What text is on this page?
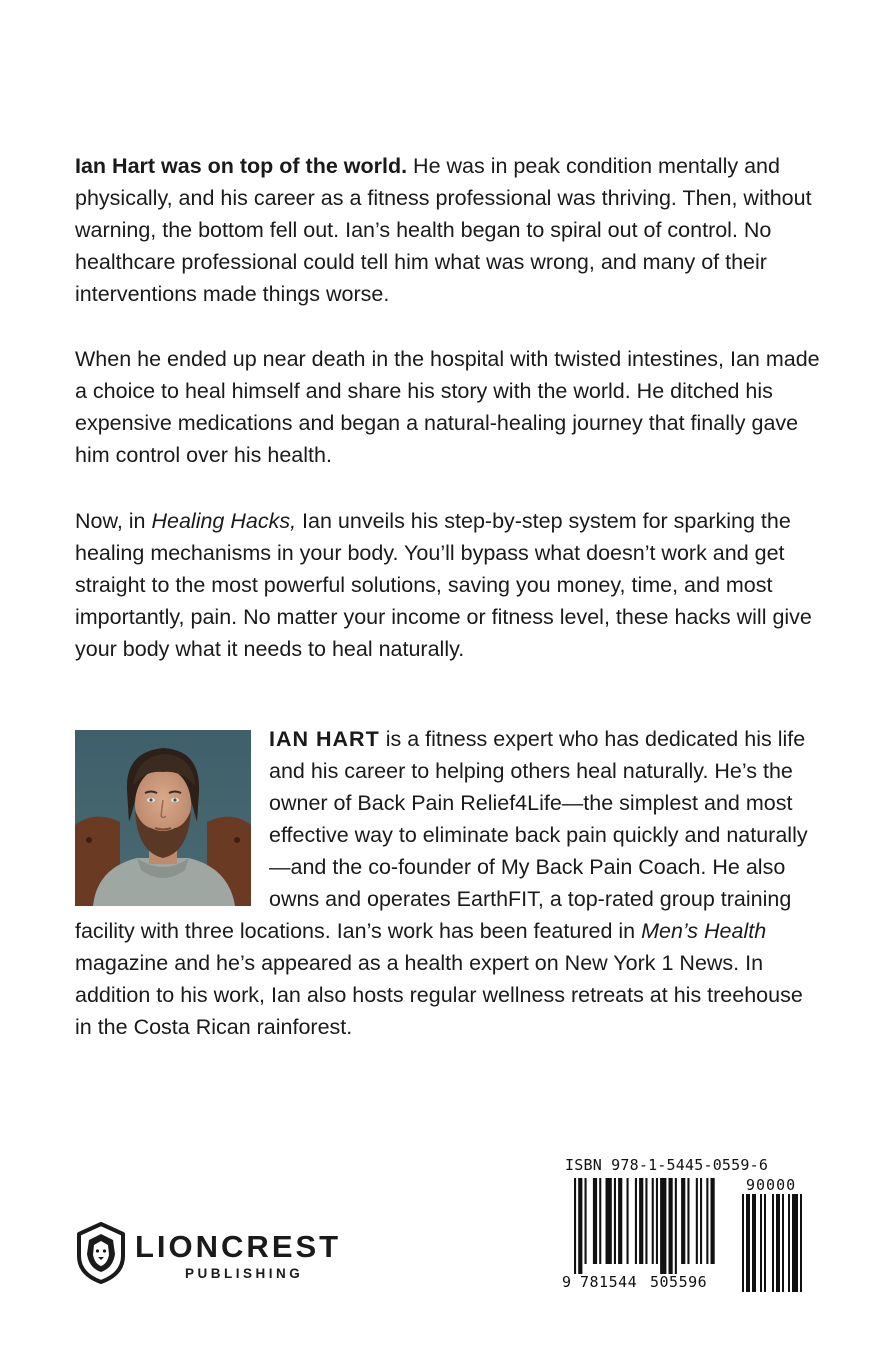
Ian Hart was on top of the world. He was in peak condition mentally and physically, and his career as a fitness professional was thriving. Then, without warning, the bottom fell out. Ian’s health began to spiral out of control. No healthcare professional could tell him what was wrong, and many of their interventions made things worse.

When he ended up near death in the hospital with twisted intestines, Ian made a choice to heal himself and share his story with the world. He ditched his expensive medications and began a natural-healing journey that finally gave him control over his health.

Now, in Healing Hacks, Ian unveils his step-by-step system for sparking the healing mechanisms in your body. You’ll bypass what doesn’t work and get straight to the most powerful solutions, saving you money, time, and most importantly, pain. No matter your income or fitness level, these hacks will give your body what it needs to heal naturally.

IAN HART is a fitness expert who has dedicated his life and his career to helping others heal naturally. He’s the owner of Back Pain Relief4Life—the simplest and most effective way to eliminate back pain quickly and naturally—and the co-founder of My Back Pain Coach. He also owns and operates EarthFIT, a top-rated group training facility with three locations. Ian’s work has been featured in Men’s Health magazine and he’s appeared as a health expert on New York 1 News. In addition to his work, Ian also hosts regular wellness retreats at his treehouse in the Costa Rican rainforest.

LIONCREST
PUBLISHING
ISBN 978-1-5445-0559-6
90000
9 781544 505596
